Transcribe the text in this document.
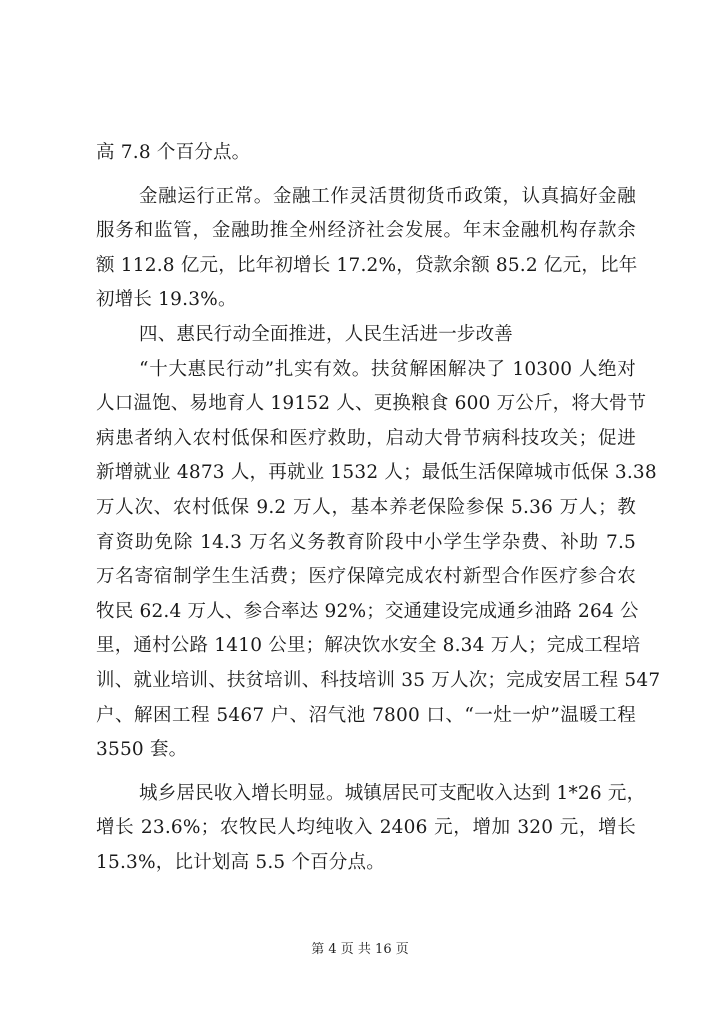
高 7.8 个百分点。
金融运行正常。金融工作灵活贯彻货币政策，认真搞好金融
服务和监管，金融助推全州经济社会发展。年末金融机构存款余
额 112.8 亿元，比年初增长 17.2%，贷款余额 85.2 亿元，比年
初增长 19.3%。
四、惠民行动全面推进，人民生活进一步改善
“十大惠民行动”扎实有效。扶贫解困解决了 10300 人绝对
人口温饱、易地育人 19152 人、更换粮食 600 万公斤，将大骨节
病患者纳入农村低保和医疗救助，启动大骨节病科技攻关；促进
新增就业 4873 人，再就业 1532 人；最低生活保障城市低保 3.38
万人次、农村低保 9.2 万人，基本养老保险参保 5.36 万人；教
育资助免除 14.3 万名义务教育阶段中小学生学杂费、补助 7.5
万名寄宿制学生生活费；医疗保障完成农村新型合作医疗参合农
牧民 62.4 万人、参合率达 92%；交通建设完成通乡油路 264 公
里，通村公路 1410 公里；解决饮水安全 8.34 万人；完成工程培
训、就业培训、扶贫培训、科技培训 35 万人次；完成安居工程 547
户、解困工程 5467 户、沼气池 7800 口、“一灶一炉”温暖工程
3550 套。
城乡居民收入增长明显。城镇居民可支配收入达到 1*26 元，
增长 23.6%；农牧民人均纯收入 2406 元，增加 320 元，增长
15.3%，比计划高 5.5 个百分点。
第 4 页 共 16 页
